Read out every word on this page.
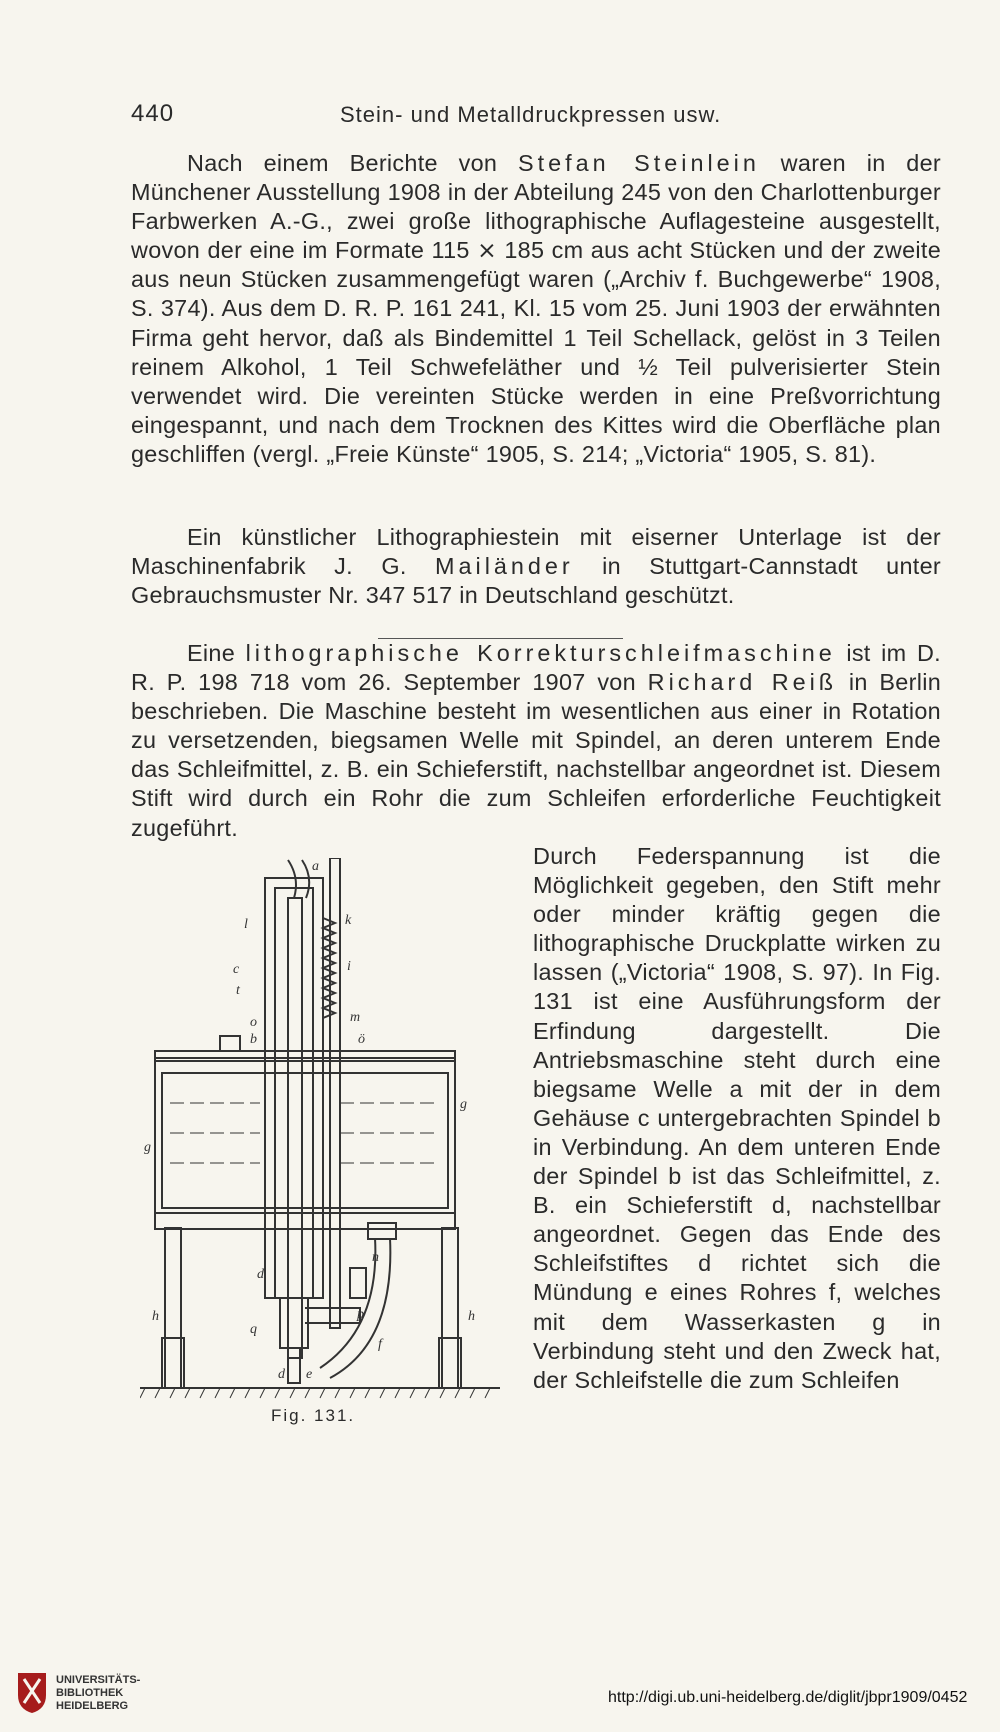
440	Stein- und Metalldruckpressen usw.

Nach einem Berichte von Stefan Steinlein waren in der Münchener Ausstellung 1908 in der Abteilung 245 von den Charlottenburger Farbwerken A.-G., zwei große lithographische Auflagesteine ausgestellt, wovon der eine im Formate 115 ⨯ 185 cm aus acht Stücken und der zweite aus neun Stücken zusammengefügt waren („Archiv f. Buchgewerbe“ 1908, S. 374). Aus dem D. R. P. 161 241, Kl. 15 vom 25. Juni 1903 der erwähnten Firma geht hervor, daß als Bindemittel 1 Teil Schellack, gelöst in 3 Teilen reinem Alkohol, 1 Teil Schwefeläther und ½ Teil pulverisierter Stein verwendet wird. Die vereinten Stücke werden in eine Preßvorrichtung eingespannt, und nach dem Trocknen des Kittes wird die Oberfläche plan geschliffen (vergl. „Freie Künste“ 1905, S. 214; „Victoria“ 1905, S. 81).

Ein künstlicher Lithographiestein mit eiserner Unterlage ist der Maschinenfabrik J. G. Mailänder in Stuttgart-Cannstadt unter Gebrauchsmuster Nr. 347 517 in Deutschland geschützt.

Eine lithographische Korrekturschleifmaschine ist im D. R. P. 198 718 vom 26. September 1907 von Richard Reiß in Berlin beschrieben. Die Maschine besteht im wesentlichen aus einer in Rotation zu versetzenden, biegsamen Welle mit Spindel, an deren unterem Ende das Schleifmittel, z. B. ein Schieferstift, nachstellbar angeordnet ist. Diesem Stift wird durch ein Rohr die zum Schleifen erforderliche Feuchtigkeit zugeführt.

Durch Federspannung ist die Möglichkeit gegeben, den Stift mehr oder minder kräftig gegen die lithographische Druckplatte wirken zu lassen („Victoria“ 1908, S. 97). In Fig. 131 ist eine Ausführungsform der Erfindung dargestellt. Die Antriebsmaschine steht durch eine biegsame Welle a mit der in dem Gehäuse c untergebrachten Spindel b in Verbindung. An dem unteren Ende der Spindel b ist das Schleifmittel, z. B. ein Schieferstift d, nachstellbar angeordnet. Gegen das Ende des Schleifstiftes d richtet sich die Mündung e eines Rohres f, welches mit dem Wasserkasten g in Verbindung steht und den Zweck hat, der Schleifstelle die zum Schleifen

a
k
l
c
t
i
o
b
m
ö
g
g
n
d
q
h	h
p
f
d e
Fig. 131.
UNIVERSITÄTS-
BIBLIOTHEK
HEIDELBERG	http://digi.ub.uni-heidelberg.de/diglit/jbpr1909/0452
